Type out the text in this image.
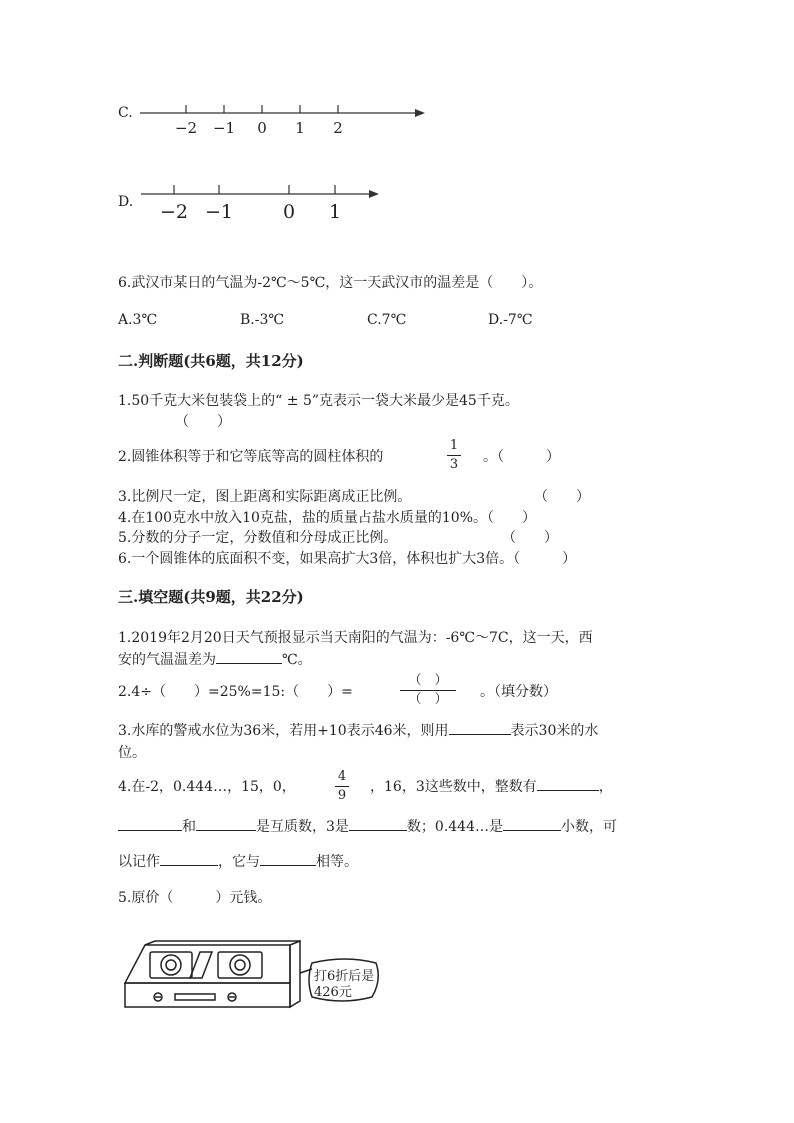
C.
−2 −1 0 1 2
D. −2 −1	0 1
6.武汉市某日的气温为-2℃～5℃，这一天武汉市的温差是（　　）。
A.3℃	B.-3℃	C.7℃	D.-7℃
二.判断题(共6题，共12分)
1.50千克大米包装袋上的“ ± 5”克表示一袋大米最少是45千克。
（　　）
2.圆锥体积等于和它等底等高的圆柱体积的
1
3 。（　　　）
3.比例尺一定，图上距离和实际距离成正比例。	（　　）
4.在100克水中放入10克盐，盐的质量占盐水质量的10%。（　　）
5.分数的分子一定，分数值和分母成正比例。	（　　）
6.一个圆锥体的底面积不变，如果高扩大3倍，体积也扩大3倍。（　　　）
三.填空题(共9题，共22分)
1.2019年2月20日天气预报显示当天南阳的气温为：-6℃～7C，这一天，西
安的气温温差为	℃。
2.4÷（　　）=25%=15:（　　）=
（　）
（　）	。（填分数）
3.水库的警戒水位为36米，若用+10表示46米，则用	表示30米的水
位。
4.在-2，0.444…，15，0，
4
9
，16，3这些数中，整数有	，
和	是互质数，3是	数；0.444…是	小数，可
以记作	，它与	相等。
5.原价（　　　）元钱。
打6折后是
426元
